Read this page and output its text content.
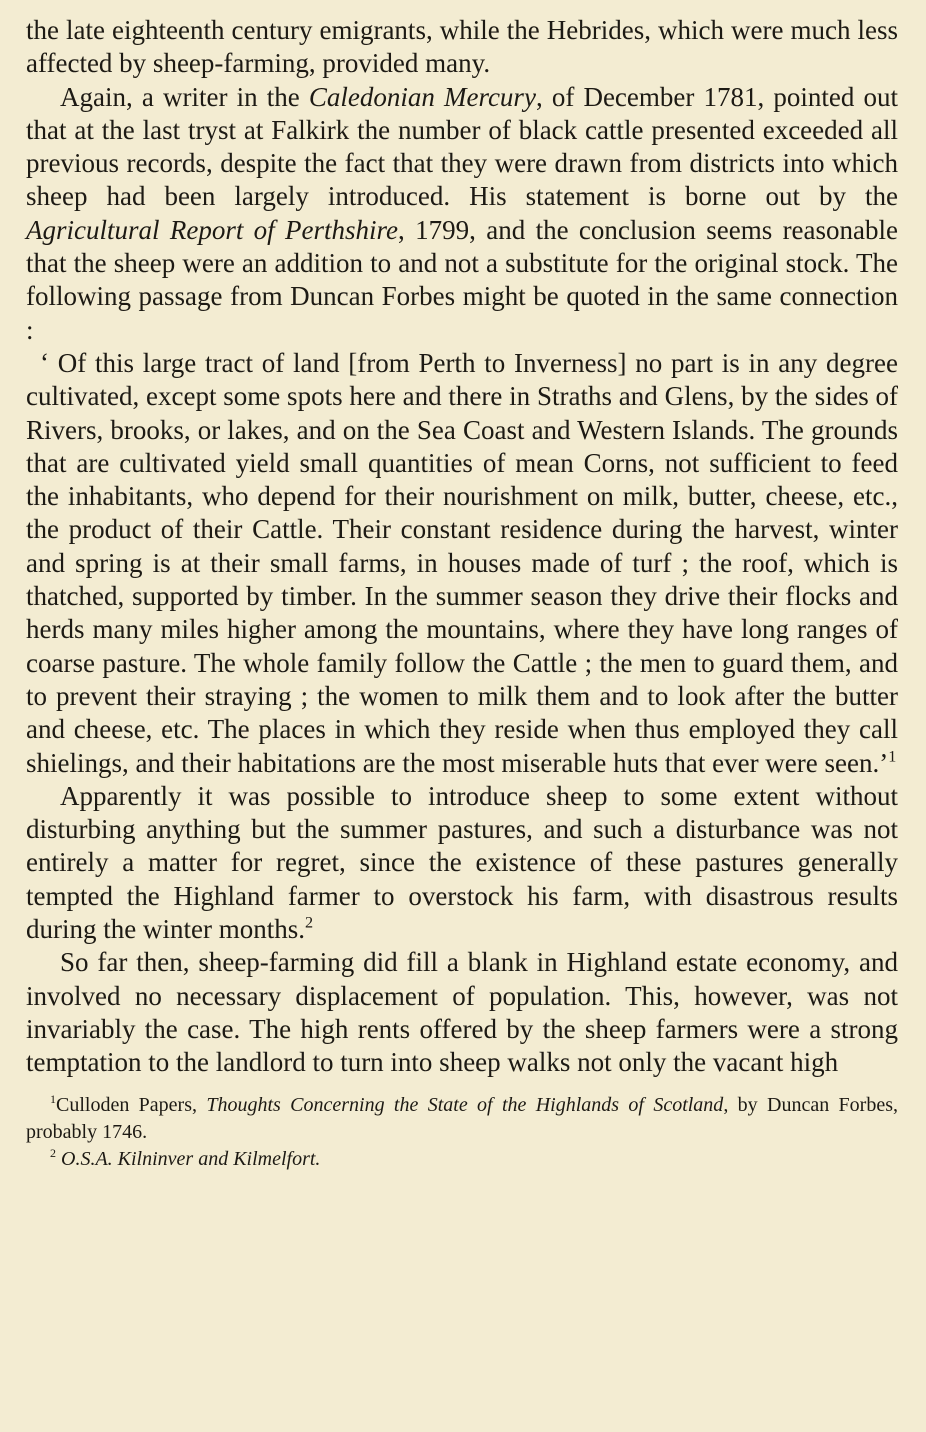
the late eighteenth century emigrants, while the Hebrides, which were much less affected by sheep-farming, provided many.

Again, a writer in the Caledonian Mercury, of December 1781, pointed out that at the last tryst at Falkirk the number of black cattle presented exceeded all previous records, despite the fact that they were drawn from districts into which sheep had been largely introduced. His statement is borne out by the Agricultural Report of Perthshire, 1799, and the conclusion seems reasonable that the sheep were an addition to and not a substitute for the original stock. The following passage from Duncan Forbes might be quoted in the same connection :

‘ Of this large tract of land [from Perth to Inverness] no part is in any degree cultivated, except some spots here and there in Straths and Glens, by the sides of Rivers, brooks, or lakes, and on the Sea Coast and Western Islands. The grounds that are cultivated yield small quantities of mean Corns, not sufficient to feed the inhabitants, who depend for their nourishment on milk, butter, cheese, etc., the product of their Cattle. Their constant residence during the harvest, winter and spring is at their small farms, in houses made of turf ; the roof, which is thatched, supported by timber. In the summer season they drive their flocks and herds many miles higher among the mountains, where they have long ranges of coarse pasture. The whole family follow the Cattle ; the men to guard them, and to prevent their straying ; the women to milk them and to look after the butter and cheese, etc. The places in which they reside when thus employed they call shielings, and their habitations are the most miserable huts that ever were seen.’$^1$

Apparently it was possible to introduce sheep to some extent without disturbing anything but the summer pastures, and such a disturbance was not entirely a matter for regret, since the existence of these pastures generally tempted the Highland farmer to overstock his farm, with disastrous results during the winter months.$^2$

So far then, sheep-farming did fill a blank in Highland estate economy, and involved no necessary displacement of population. This, however, was not invariably the case. The high rents offered by the sheep farmers were a strong temptation to the landlord to turn into sheep walks not only the vacant high

$^1$Culloden Papers, Thoughts Concerning the State of the Highlands of Scotland, by Duncan Forbes, probably 1746.

$^2$ O.S.A. Kilninver and Kilmelfort.
